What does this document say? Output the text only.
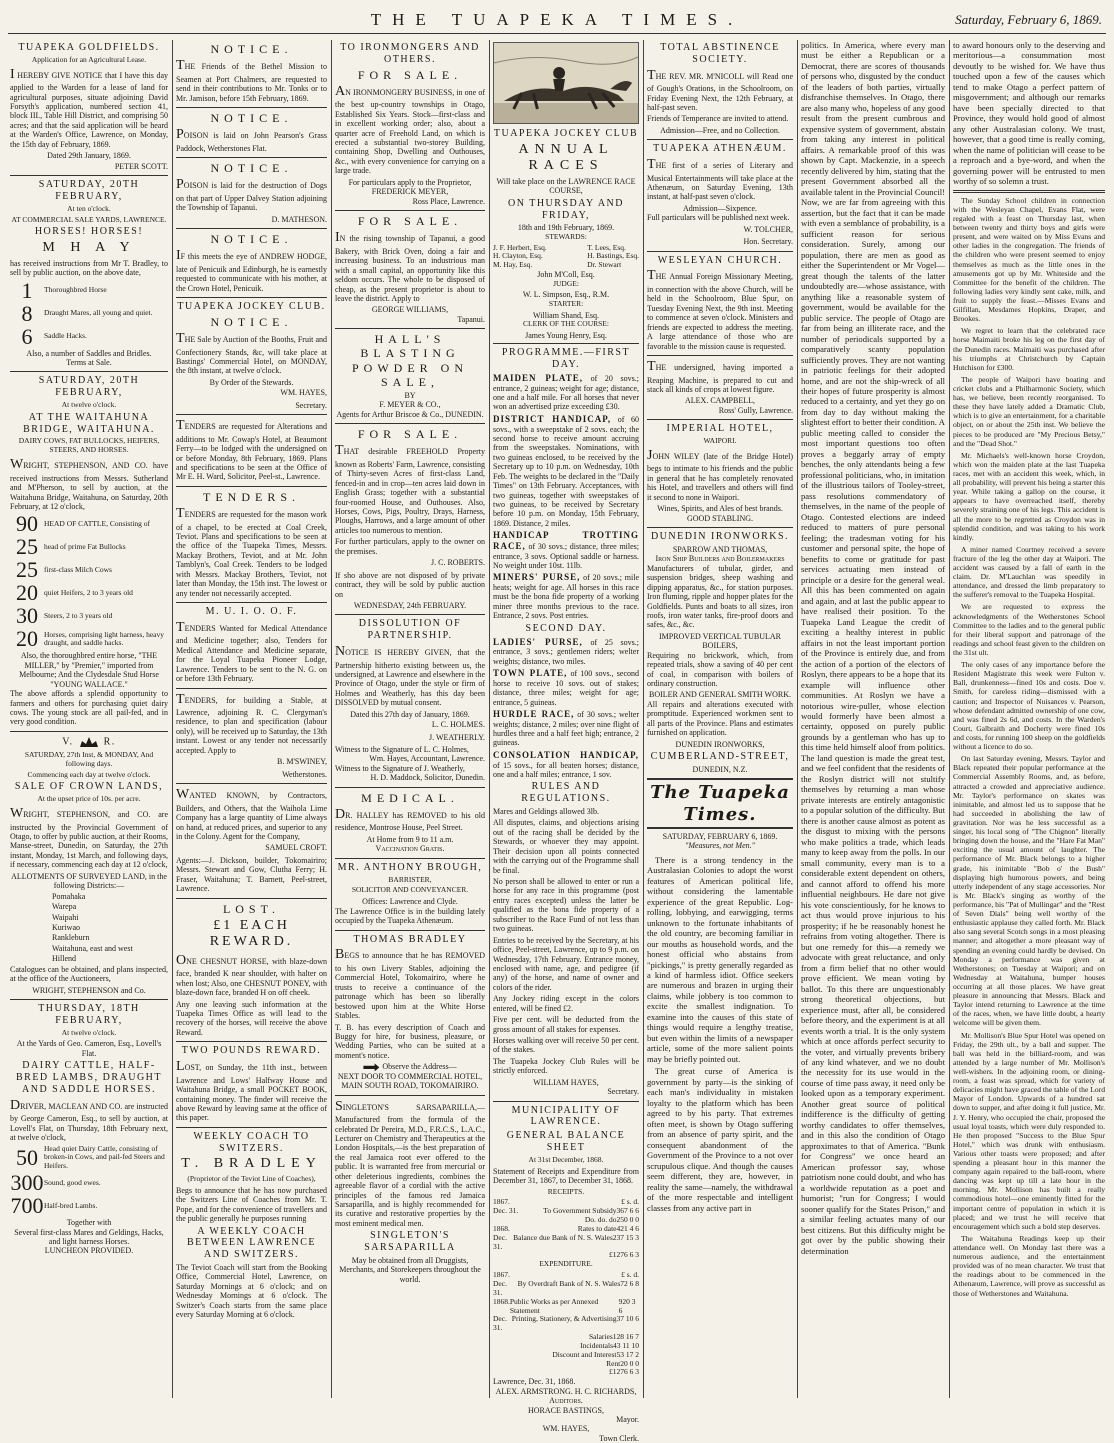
THE TUAPEKA TIMES.	Saturday, February 6, 1869.
TUAPEKA GOLDFIELDS.
Application for an Agricultural Lease.
I HEREBY GIVE NOTICE that I have this day applied to the Warden for a lease of land for agricultural purposes, situate adjoining David Forsyth's application, numbered section 41, block III., Table Hill District, and comprising 50 acres; and that the said application will be heard at the Warden's Office, Lawrence, on Monday, the 15th day of February, 1869.
Dated 29th January, 1869.
PETER SCOTT.
SATURDAY, 20TH FEBRUARY,
At ten o'clock.
AT COMMERCIAL SALE YARDS, LAWRENCE.
HORSES! HORSES!
M H A Y
has received instructions from Mr T. Bradley, to sell by public auction, on the above date,
1	Thoroughbred Horse
8	Draught Mares, all young and quiet.
6	Saddle Hacks.
Also, a number of Saddles and Bridles.
Terms at Sale.
SATURDAY, 20TH FEBRUARY,
At twelve o'clock.
AT THE WAITAHUNA BRIDGE, WAITAHUNA.
DAIRY COWS, FAT BULLOCKS, HEIFERS, STEERS, AND HORSES.
WRIGHT, STEPHENSON, AND CO. have received instructions from Messrs. Sutherland and M'Pherson, to sell by auction, at the Waitahuna Bridge, Waitahuna, on Saturday, 20th February, at 12 o'clock,
90 HEAD OF CATTLE, Consisting of
25 head of prime Fat Bullocks
25 first-class Milch Cows
20 quiet Heifers, 2 to 3 years old
30 Steers, 2 to 3 years old
20 Horses, comprising light harness, heavy draught, and saddle hacks.
Also, the thoroughbred entire horse, "THE MILLER," by "Premier," imported from Melbourne; And the Clydesdale Stud Horse "YOUNG WALLACE."
The above affords a splendid opportunity to farmers and others for purchasing quiet dairy cows. The young stock are all pail-fed, and in very good condition.
V.	R.
SATURDAY, 27th Inst, & MONDAY, And following days.
Commencing each day at twelve o'clock.
SALE OF CROWN LANDS,
At the upset price of 10s. per acre.
WRIGHT, STEPHENSON, and CO. are instructed by the Provincial Government of Otago, to offer by public auction, at their Rooms, Manse-street, Dunedin, on Saturday, the 27th instant, Monday, 1st March, and following days, if necessary, commencing each day at 12 o'clock,
ALLOTMENTS OF SURVEYED LAND, in the following Districts:—
Pomahaka
Warepa
Waipahi
Kuriwao
Rankleburn
Waitahuna, east and west
Hillend
Catalogues can be obtained, and plans inspected, at the office of the Auctioneers,
WRIGHT, STEPHENSON and Co.
THURSDAY, 18TH FEBRUARY,
At twelve o'clock.
At the Yards of Geo. Cameron, Esq., Lovell's Flat.
DAIRY CATTLE, HALF-BRED LAMBS, DRAUGHT AND SADDLE HORSES.
DRIVER, MACLEAN AND CO. are instructed by George Cameron, Esq., to sell by auction, at Lovell's Flat, on Thursday, 18th February next, at twelve o'clock,
50 Head quiet Dairy Cattle, consisting of broken-in Cows, and pail-fed Steers and Heifers.
300 Sound, good ewes.
700 Half-bred Lambs.
Together with
Several first-class Mares and Geldings, Hacks, and light harness Horses.
LUNCHEON PROVIDED.
NOTICE.
THE Friends of the Bethel Mission to Seamen at Port Chalmers, are requested to send in their contributions to Mr. Tonks or to Mr. Jamison, before 15th February, 1869.
NOTICE.
POISON is laid on John Pearson's Grass Paddock, Wetherstones Flat.
NOTICE.
POISON is laid for the destruction of Dogs on that part of Upper Dalvey Station adjoining the Township of Tapanui.
D. MATHESON.
NOTICE.
IF this meets the eye of ANDREW HODGE, late of Penicuik and Edinburgh, he is earnestly requested to communicate with his mother, at the Crown Hotel, Penicuik.
TUAPEKA JOCKEY CLUB.
NOTICE.
THE Sale by Auction of the Booths, Fruit and Confectionery Stands, &c, will take place at Bastings' Commercial Hotel, on MONDAY, the 8th instant, at twelve o'clock.
By Order of the Stewards.
WM. HAYES,
Secretary.
TENDERS are requested for Alterations and additions to Mr. Cowap's Hotel, at Beaumont Ferry—to be lodged with the undersigned on or before Monday, 8th February, 1869. Plans and specifications to be seen at the Office of Mr E. H. Ward, Solicitor, Peel-st., Lawrence.
TENDERS.
TENDERS are requested for the mason work of a chapel, to be erected at Coal Creek, Teviot. Plans and specifications to be seen at the office of the Tuapeka Times, Messrs. Mackay Brothers, Teviot, and at Mr. John Tamblyn's, Coal Creek. Tenders to be lodged with Messrs. Mackay Brothers, Teviot, not later than Monday, the 15th inst. The lowest or any tender not necessarily accepted.
M. U. I. O. O. F.
TENDERS Wanted for Medical Attendance and Medicine together; also, Tenders for Medical Attendance and Medicine separate, for the Loyal Tuapeka Pioneer Lodge, Lawrence. Tenders to be sent to the N. G. on or before 13th February.
TENDERS, for building a Stable, at Lawrence, adjoining R. C. Clergyman's residence, to plan and specification (labour only), will be received up to Saturday, the 13th instant. Lowest or any tender not necessarily accepted. Apply to
B. M'SWINEY,
Wetherstones.
WANTED KNOWN, by Contractors, Builders, and Others, that the Waihola Lime Company has a large quantity of Lime always on hand, at reduced prices, and superior to any in the Colony. Agent for the Company,
SAMUEL CROFT.
Agents:—J. Dickson, builder, Tokomairiro; Messrs. Stewart and Gow, Clutha Ferry; H. Fraser, Waitahuna; T. Barnett, Peel-street, Lawrence.
LOST.
£1 EACH REWARD.
ONE CHESNUT HORSE, with blaze-down face, branded K near shoulder, with halter on when lost; Also, one CHESNUT PONEY, with blaze-down face, branded H on off cheek.
Any one leaving such information at the Tuapeka Times Office as will lead to the recovery of the horses, will receive the above Reward.
TWO POUNDS REWARD.
LOST, on Sunday, the 11th inst., between Lawrence and Lows' Halfway House and Waitahuna Bridge, a small POCKET BOOK, containing money. The finder will receive the above Reward by leaving same at the office of this paper.
WEEKLY COACH TO SWITZERS.
T. BRADLEY
(Proprietor of the Teviot Line of Coaches),
Begs to announce that he has now purchased the Switzers Line of Coaches from Mr. T. Pope, and for the convenience of travellers and the public generally he purposes running
A WEEKLY COACH BETWEEN LAWRENCE AND SWITZERS.
The Teviot Coach will start from the Booking Office, Commercial Hotel, Lawrence, on Saturday Mornings at 6 o'clock; and on Wednesday Mornings at 6 o'clock. The Switzer's Coach starts from the same place every Saturday Morning at 6 o'clock.
TO IRONMONGERS AND OTHERS.
FOR SALE.
AN IRONMONGERY BUSINESS, in one of the best up-country townships in Otago, Established Six Years. Stock—first-class and in excellent working order; also, about a quarter acre of Freehold Land, on which is erected a substantial two-storey Building, containing Shop, Dwelling and Outhouses, &c., with every convenience for carrying on a large trade.
For particulars apply to the Proprietor,
FREDERICK MEYER,
Ross Place, Lawrence.
FOR SALE.
IN the rising township of Tapanui, a good Bakery, with Brick Oven, doing a fair and increasing business. To an industrious man with a small capital, an opportunity like this seldom occurs. The whole to be disposed of cheap, as the present proprietor is about to leave the district. Apply to
GEORGE WILLIAMS,
Tapanui.
HALL'S BLASTING POWDER ON SALE,
BY
F. MEYER & CO.,
Agents for Arthur Briscoe & Co., DUNEDIN.
FOR SALE.
THAT desirable FREEHOLD Property known as Roberts' Farm, Lawrence, consisting of Thirty-seven Acres of first-class Land, fenced-in and in crop—ten acres laid down in English Grass; together with a substantial four-roomed House, and Outhouses. Also, Horses, Cows, Pigs, Poultry, Drays, Harness, Ploughs, Harrows, and a large amount of other articles too numerous to mention.
For further particulars, apply to the owner on the premises.
J. C. ROBERTS.
If sho above are not disposed of by private contract, they will be sold by public auction on
WEDNESDAY, 24th FEBRUARY.
DISSOLUTION OF PARTNERSHIP.
NOTICE IS HEREBY GIVEN, that the Partnership hitherto existing between us, the undersigned, at Lawrence and elsewhere in the Province of Otago, under the style or firm of Holmes and Weatherly, has this day been DISSOLVED by mutual consent.
Dated this 27th day of January, 1869.
L. C. HOLMES.
J. WEATHERLY.
Witness to the Signature of L. C. Holmes,
Wm. Hayes, Accountant, Lawrence.
Witness to the Signature of J. Weatherly,
H. D. Maddock, Solicitor, Dunedin.
MEDICAL.
DR. HALLEY has REMOVED to his old residence, Montrose House, Peel Street.
At Home from 9 to 11 a.m.
Vaccination Gratis.
MR. ANTHONY BROUGH,
BARRISTER,
SOLICITOR AND CONVEYANCER.
Offices: Lawrence and Clyde.
The Lawrence Office is in the building lately occupied by the Tuapeka Athenæum.
THOMAS BRADLEY
BEGS to announce that he has REMOVED to his own Livery Stables, adjoining the Commercial Hotel, Tokomairiro, where he trusts to receive a continuance of the patronage which has been so liberally bestowed upon him at the White Horse Stables.
T. B. has every description of Coach and Buggy for hire, for business, pleasure, or Wedding Parties, who can be suited at a moment's notice.
Observe the Address—
NEXT DOOR TO COMMERCIAL HOTEL, MAIN SOUTH ROAD, TOKOMAIRIRO.
SINGLETON'S SARSAPARILLA,—Manufactured from the formula of the celebrated Dr Pereira, M.D., F.R.C.S., L.A.C., Lecturer on Chemistry and Therapeutics at the London Hospitals,—is the best preparation of the real Jamaica root ever offered to the public. It is warranted free from mercurial or other deleterious ingredients, combines the agreeable flavor of a cordial with the active principles of the famous red Jamaica Sarsaparilla, and is highly recommended for its curative and restorative properties by the most eminent medical men.
SINGLETON'S SARSAPARILLA
May be obtained from all Druggists, Merchants, and Storekeepers throughout the world.
TUAPEKA JOCKEY CLUB
ANNUAL RACES
Will take place on the LAWRENCE RACE COURSE,
ON THURSDAY AND FRIDAY,
18th and 19th February, 1869.
STEWARDS:
J. F. Herbert, Esq.
H. Clayton, Esq.
M. Hay, Esq.
T. Lees, Esq.
H. Bastings, Esq.
Dr. Stewart
John M'Coll, Esq.
JUDGE:
W. L. Simpson, Esq., R.M.
STARTER:
William Shand, Esq.
CLERK OF THE COURSE:
James Young Henry, Esq.
PROGRAMME.—FIRST DAY.
MAIDEN PLATE, of 20 sovs.; entrance, 2 guineas; weight for age; distance, one and a half mile. For all horses that never won an advertised prize exceeding £30.
DISTRICT HANDICAP, of 60 sovs., with a sweepstake of 2 sovs. each; the second horse to receive amount accruing from the sweepstakes. Nominations, with two guineas enclosed, to be received by the Secretary up to 10 p.m. on Wednesday, 10th Feb. The weights to be declared in the "Daily Times" on 13th February. Acceptances, with two guineas, together with sweepstakes of two guineas, to be received by Secretary before 10 p.m. on Monday, 15th February, 1869. Distance, 2 miles.
HANDICAP TROTTING RACE, of 30 sovs.; distance, three miles; entrance, 3 sovs. Optional saddle or harness. No weight under 10st. 11lb.
MINERS' PURSE, of 20 sovs.; mile heats; weight for age. All horses in this race must be the bona fide property of a working miner three months previous to the race. Entrance, 2 sovs. Post entries.
SECOND DAY.
LADIES' PURSE, of 25 sovs.; entrance, 3 sovs.; gentlemen riders; welter weights; distance, two miles.
TOWN PLATE, of 100 sovs., second horse to receive 10 sovs. out of stakes; distance, three miles; weight for age; entrance, 5 guineas.
HURDLE RACE, of 30 sovs.; welter weights; distance, 2 miles; over nine flight of hurdles three and a half feet high; entrance, 2 guineas.
CONSOLATION HANDICAP, of 15 sovs., for all beaten horses; distance, one and a half miles; entrance, 1 sov.
RULES AND REGULATIONS.
Mares and Geldings allowed 3lb.
All disputes, claims, and objections arising out of the racing shall be decided by the Stewards, or whoever they may appoint. Their decision upon all points connected with the carrying out of the Programme shall be final.
No person shall be allowed to enter or run a horse for any race in this programme (post entry races excepted) unless the latter be qualified as the bona fide property of a subscriber to the Race Fund of not less than two guineas.
Entries to be received by the Secretary, at his office, Peel-street, Lawrence, up to 9 p.m. on Wednesday, 17th February. Entrance money, enclosed with name, age, and pedigree (if any) of the horse, and name of owner and colors of the rider.
Any Jockey riding except in the colors entered, will be fined £2.
Five per cent. will be deducted from the gross amount of all stakes for expenses.
Horses walking over will receive 50 per cent. of the stakes.
The Tuapeka Jockey Club Rules will be strictly enforced.
WILLIAM HAYES,
Secretary.
MUNICIPALITY OF LAWRENCE.
GENERAL BALANCE SHEET
At 31st December, 1868.
Statement of Receipts and Expenditure from December 31, 1867, to December 31, 1868.
RECEIPTS.
1867.	£ s. d.
Dec. 31.	To Government Subsidy 367 6 6
Do. do. do 250 0 0
1868.	Rates to date 421 4 6
Dec. 31.
Balance due Bank of N. S. Wales 237 15 3
£1276 6 3
EXPENDITURE.
1867.	£ s. d.
Dec. 31.
By Overdraft Bank of N. S. Wales 72 6 8
1868. Public Works as per Annexed Statement
920 3 6
Dec. 31.
Printing, Stationery, & Advertising 37 10 6
Salaries 128 16 7
Incidentals 43 11 10
Discount and Interest 53 17 2
Rent 20 0 0
£1276 6 3
Lawrence, Dec. 31, 1868.
ALEX. ARMSTRONG. H. C. RICHARDS, Auditors.
HORACE BASTINGS,
Mayor.
WM. HAYES,
Town Clerk.
TOTAL ABSTINENCE SOCIETY.
THE REV. MR. M'NICOLL will Read one of Gough's Orations, in the Schoolroom, on Friday Evening Next, the 12th February, at half-past seven.
Friends of Temperance are invited to attend.
Admission—Free, and no Collection.
TUAPEKA ATHENÆUM.
THE first of a series of Literary and Musical Entertainments will take place at the Athenæum, on Saturday Evening, 13th instant, at half-past seven o'clock.
Admission—Sixpence.
Full particulars will be published next week.
W. TOLCHER,
Hon. Secretary.
WESLEYAN CHURCH.
THE Annual Foreign Missionary Meeting, in connection with the above Church, will be held in the Schoolroom, Blue Spur, on Tuesday Evening Next, the 9th inst. Meeting to commence at seven o'clock. Ministers and friends are expected to address the meeting. A large attendance of those who are favorable to the mission cause is requested.
THE undersigned, having imported a Reaping Machine, is prepared to cut and stack all kinds of crops at lowest figure.
ALEX. CAMPBELL,
Ross' Gully, Lawrence.
IMPERIAL HOTEL,
WAIPORI.
JOHN WILEY (late of the Bridge Hotel) begs to intimate to his friends and the public in general that he has completely renovated his Hotel, and travellers and others will find it second to none in Waipori.
Wines, Spirits, and Ales of best brands.
GOOD STABLING.
DUNEDIN IRONWORKS.
SPARROW AND THOMAS,
Iron Ship Builders and Boilermakers
Manufacturers of tubular, girder, and suspension bridges, sheep washing and dipping apparatus, &c., for station purposes. Iron fluming, ripple and hopper plates for the Goldfields. Punts and boats to all sizes, iron roofs, iron water tanks, fire-proof doors and safes, &c., &c.
IMPROVED VERTICAL TUBULAR BOILERS,
Requiring no brickwork, which, from repeated trials, show a saving of 40 per cent of coal, in comparison with boilers of ordinary construction.
BOILER AND GENERAL SMITH WORK.
All repairs and alterations executed with promptitude. Experienced workmen sent to all parts of the Province. Plans and estimates furnished on application.
DUNEDIN IRONWORKS,
CUMBERLAND-STREET,
DUNEDIN, N.Z.
The Tuapeka Times.
SATURDAY, FEBRUARY 6, 1869.
"Measures, not Men."

There is a strong tendency in the Australasian Colonies to adopt the worst features of American political life, without considering the lamentable experience of the great Republic. Log-rolling, lobbying, and earwigging, terms unknown to the fortunate inhabitants of the old country, are becoming familiar in our mouths as household words, and the honest official who abstains from "pickings," is pretty generally regarded as a kind of harmless idiot. Office seekers are numerous and brazen in urging their claims, while jobbery is too common to excite the smallest indignation. To examine into the causes of this state of things would require a lengthy treatise, but even within the limits of a newspaper article, some of the more salient points may be briefly pointed out.

The great curse of America is government by party—is the sinking of each man's individuality in mistaken loyalty to the platform which has been agreed to by his party. That extremes often meet, is shown by Otago suffering from an absence of party spirit, and the consequent abandonment of the Government of the Province to a not over scrupulous clique. And though the causes seem different, they are, however, in reality the same—namely, the withdrawal of the more respectable and intelligent classes from any active part in

politics. In America, where every man must be either a Republican or a Democrat, there are scores of thousands of persons who, disgusted by the conduct of the leaders of both parties, virtually disfranchise themselves. In Otago, there are also many who, hopeless of any good result from the present cumbrous and expensive system of government, abstain from taking any interest in political affairs. A remarkable proof of this was shown by Capt. Mackenzie, in a speech recently delivered by him, stating that the present Government absorbed all the available talent in the Provincial Council! Now, we are far from agreeing with this assertion, but the fact that it can be made with even a semblance of probability, is a sufficient reason for serious consideration. Surely, among our population, there are men as good as either the Superintendent or Mr Vogel—great though the talents of the latter undoubtedly are—whose assistance, with anything like a reasonable system of government, would be available for the public service. The people of Otago are far from being an illiterate race, and the number of periodicals supported by a comparatively scanty population sufficiently proves. They are not wanting in patriotic feelings for their adopted home, and are not the ship-wreck of all their hopes of future prosperity is almost reduced to a certainty, and yet they go on from day to day without making the slightest effort to better their condition. A public meeting called to consider the most important questions too often proves a beggarly array of empty benches, the only attendants being a few professional politicians, who, in imitation of the illustrious tailors of Tooley-street, pass resolutions commendatory of themselves, in the name of the people of Otago. Contested elections are indeed reduced to matters of pure personal feeling; the tradesman voting for his customer and personal spite, the hope of benefits to come or gratitude for past services actuating men instead of principle or a desire for the general weal. All this has been commented on again and again, and at last the public appear to have realised their position. To the Tuapeka Land League the credit of exciting a healthy interest in public affairs in not the least important portion of the Province is entirely due, and from the action of a portion of the electors of Roslyn, there appears to be a hope that its example will influence other communities. At Roslyn we have a notorious wire-puller, whose election would formerly have been almost a certainty, opposed on purely public grounds by a gentleman who has up to this time held himself aloof from politics. The land question is made the great test, and we feel confident that the residents of the Roslyn district will not stultify themselves by returning a man whose private interests are entirely antagonistic to a popular solution of the difficulty. But there is another cause almost as potent as the disgust to mixing with the persons who make politics a trade, which leads many to keep away from the polls. In our small community, every man is to a considerable extent dependent on others, and cannot afford to offend his more influential neighbours. He dare not give his vote conscientiously, for he knows to act thus would prove injurious to his prosperity; if he be reasonably honest he refrains from voting altogether. There is but one remedy for this—a remedy we advocate with great reluctance, and only from a firm belief that no other would prove efficient. We mean voting by ballot. To this there are unquestionably strong theoretical objections, but experience must, after all, be considered before theory, and the experiment is at all events worth a trial. It is the only system which at once affords perfect security to the voter, and virtually prevents bribery of any kind whatever, and we no doubt the necessity for its use would in the course of time pass away, it need only be looked upon as a temporary experiment. Another great source of political indifference is the difficulty of getting worthy candidates to offer themselves, and in this also the condition of Otago approximates to that of America. "Bunk for Congress" we once heard an American professor say, whose patriotism none could doubt, and who has a worldwide reputation as a poet and humorist; "run for Congress; I would sooner qualify for the States Prison," and a similar feeling actuates many of our best citizens. But this difficulty might be got over by the public showing their determination

to award honours only to the deserving and meritorious—a consummation most devoutly to be wished for. We have thus touched upon a few of the causes which tend to make Otago a perfect pattern of misgovernment; and although our remarks have been specially directed to that Province, they would hold good of almost any other Australasian colony. We trust, however, that a good time is really coming, when the name of politician will cease to be a reproach and a bye-word, and when the governing power will be entrusted to men worthy of so solemn a trust.

The Sunday School children in connection with the Wesleyan Chapel, Evans Flat, were regaled with a feast on Thursday last, when between twenty and thirty boys and girls were present, and were waited on by Miss Evans and other ladies in the congregation. The friends of the children who were present seemed to enjoy themselves as much as the little ones in the amusements got up by Mr. Whiteside and the Committee for the benefit of the children. The following ladies very kindly sent cake, milk, and fruit to supply the feast.—Misses Evans and Gilfillan, Mesdames Hopkins, Draper, and Brookes.

We regret to learn that the celebrated race horse Maimaiti broke his leg on the first day of the Dunedin races. Maimaiti was purchased after his triumphs at Christchurch by Captain Hutchison for £300.

The people of Waipori have boating and cricket clubs and a Philharmonic Society, which has, we believe, been recently reorganised. To these they have lately added a Dramatic Club, which is to give an entertainment, for a charitable object, on or about the 25th inst. We believe the pieces to be produced are "My Precious Betsy," and the "Dead Shot."

Mr. Michaels's well-known horse Croydon, which won the maiden plate at the last Tuapeka races, met with an accident this week, which, in all probability, will prevent his being a starter this year. While taking a gallop on the course, it appears to have overreached itself, thereby severely straining one of his legs. This accident is all the more to be regretted as Croydon was in splendid condition, and was taking to his work kindly.

A miner named Courtney received a severe fracture of the leg the other day at Waipori. The accident was caused by a fall of earth in the claim. Dr. M'Lauchlan was speedily in attendance, and dressed the limb preparatory to the sufferer's removal to the Tuapeka Hospital.

We are requested to express the acknowledgments of the Wetherstones School Committee to the ladies and to the general public for their liberal support and patronage of the readings and school feast given to the children on the 31st ult.

The only cases of any importance before the Resident Magistrate this week were Fulton v. Ball, drunkenness—fined 10s and costs. Doe v. Smith, for careless riding—dismissed with a caution; and Inspector of Nuisances v. Pearson, whose defendant admitted ownership of one cow, and was fined 2s 6d, and costs. In the Warden's Court, Galbraith and Docherty were fined 10s and costs, for running 100 sheep on the goldfields without a licence to do so.

On last Saturday evening, Messrs. Taylor and Black repeated their popular performance at the Commercial Assembly Rooms, and, as before, attracted a crowded and appreciative audience. Mr. Taylor's performance on skates was inimitable, and almost led us to suppose that he had succeeded in abolishing the law of gravitation. Nor was he less successful as a singer, his local song of "The Chignon" literally bringing down the house, and the "Hare Fat Man" exciting the usual amount of laughter. The performance of Mr. Black belongs to a higher grade, his inimitable "Bob o' the Bush" displaying high humorous powers, and being utterly independent of any stage accessories. Nor is Mr. Black's singing as worthy of the performance, his "Pat of Mullingar" and the "Rest of Seven Dials" being well worthy of the enthusiastic applause they called forth. Mr. Black also sang several Scotch songs in a most pleasing manner; and altogether a more pleasant way of spending an evening could hardly be devised. On Monday a performance was given at Wetherstones; on Tuesday at Waipori; and on Wednesday at Waitahuna, bumper houses occurring at all those places. We have great pleasure in announcing that Messrs. Black and Taylor intend returning to Lawrence at the time of the races, when, we have little doubt, a hearty welcome will be given them.

Mr. Mollison's Blue Spur Hotel was opened on Friday, the 29th ult., by a ball and supper. The ball was held in the billiard-room, and was attended by a large number of Mr. Mollison's well-wishers. In the adjoining room, or dining-room, a feast was spread, which for variety of delicacies might have graced the table of the Lord Mayor of London. Upwards of a hundred sat down to supper, and after doing it full justice, Mr. J. Y. Henry, who occupied the chair, proposed the usual loyal toasts, which were duly responded to. He then proposed "Success to the Blue Spur Hotel," which was drunk with enthusiasm. Various other toasts were proposed; and after spending a pleasant hour in this manner the company again repaired to the ball-room, where dancing was kept up till a late hour in the morning. Mr. Mollison has built a really commodious hotel—one eminently fitted for the important centre of population in which it is placed; and we trust he will receive that encouragement which such a bold step deserves.

The Waitahuna Readings keep up their attendance well. On Monday last there was a numerous audience, and the entertainment provided was of no mean character. We trust that the readings about to be commenced in the Athenæum, Lawrence, will prove as successful as those of Wetherstones and Waitahuna.
